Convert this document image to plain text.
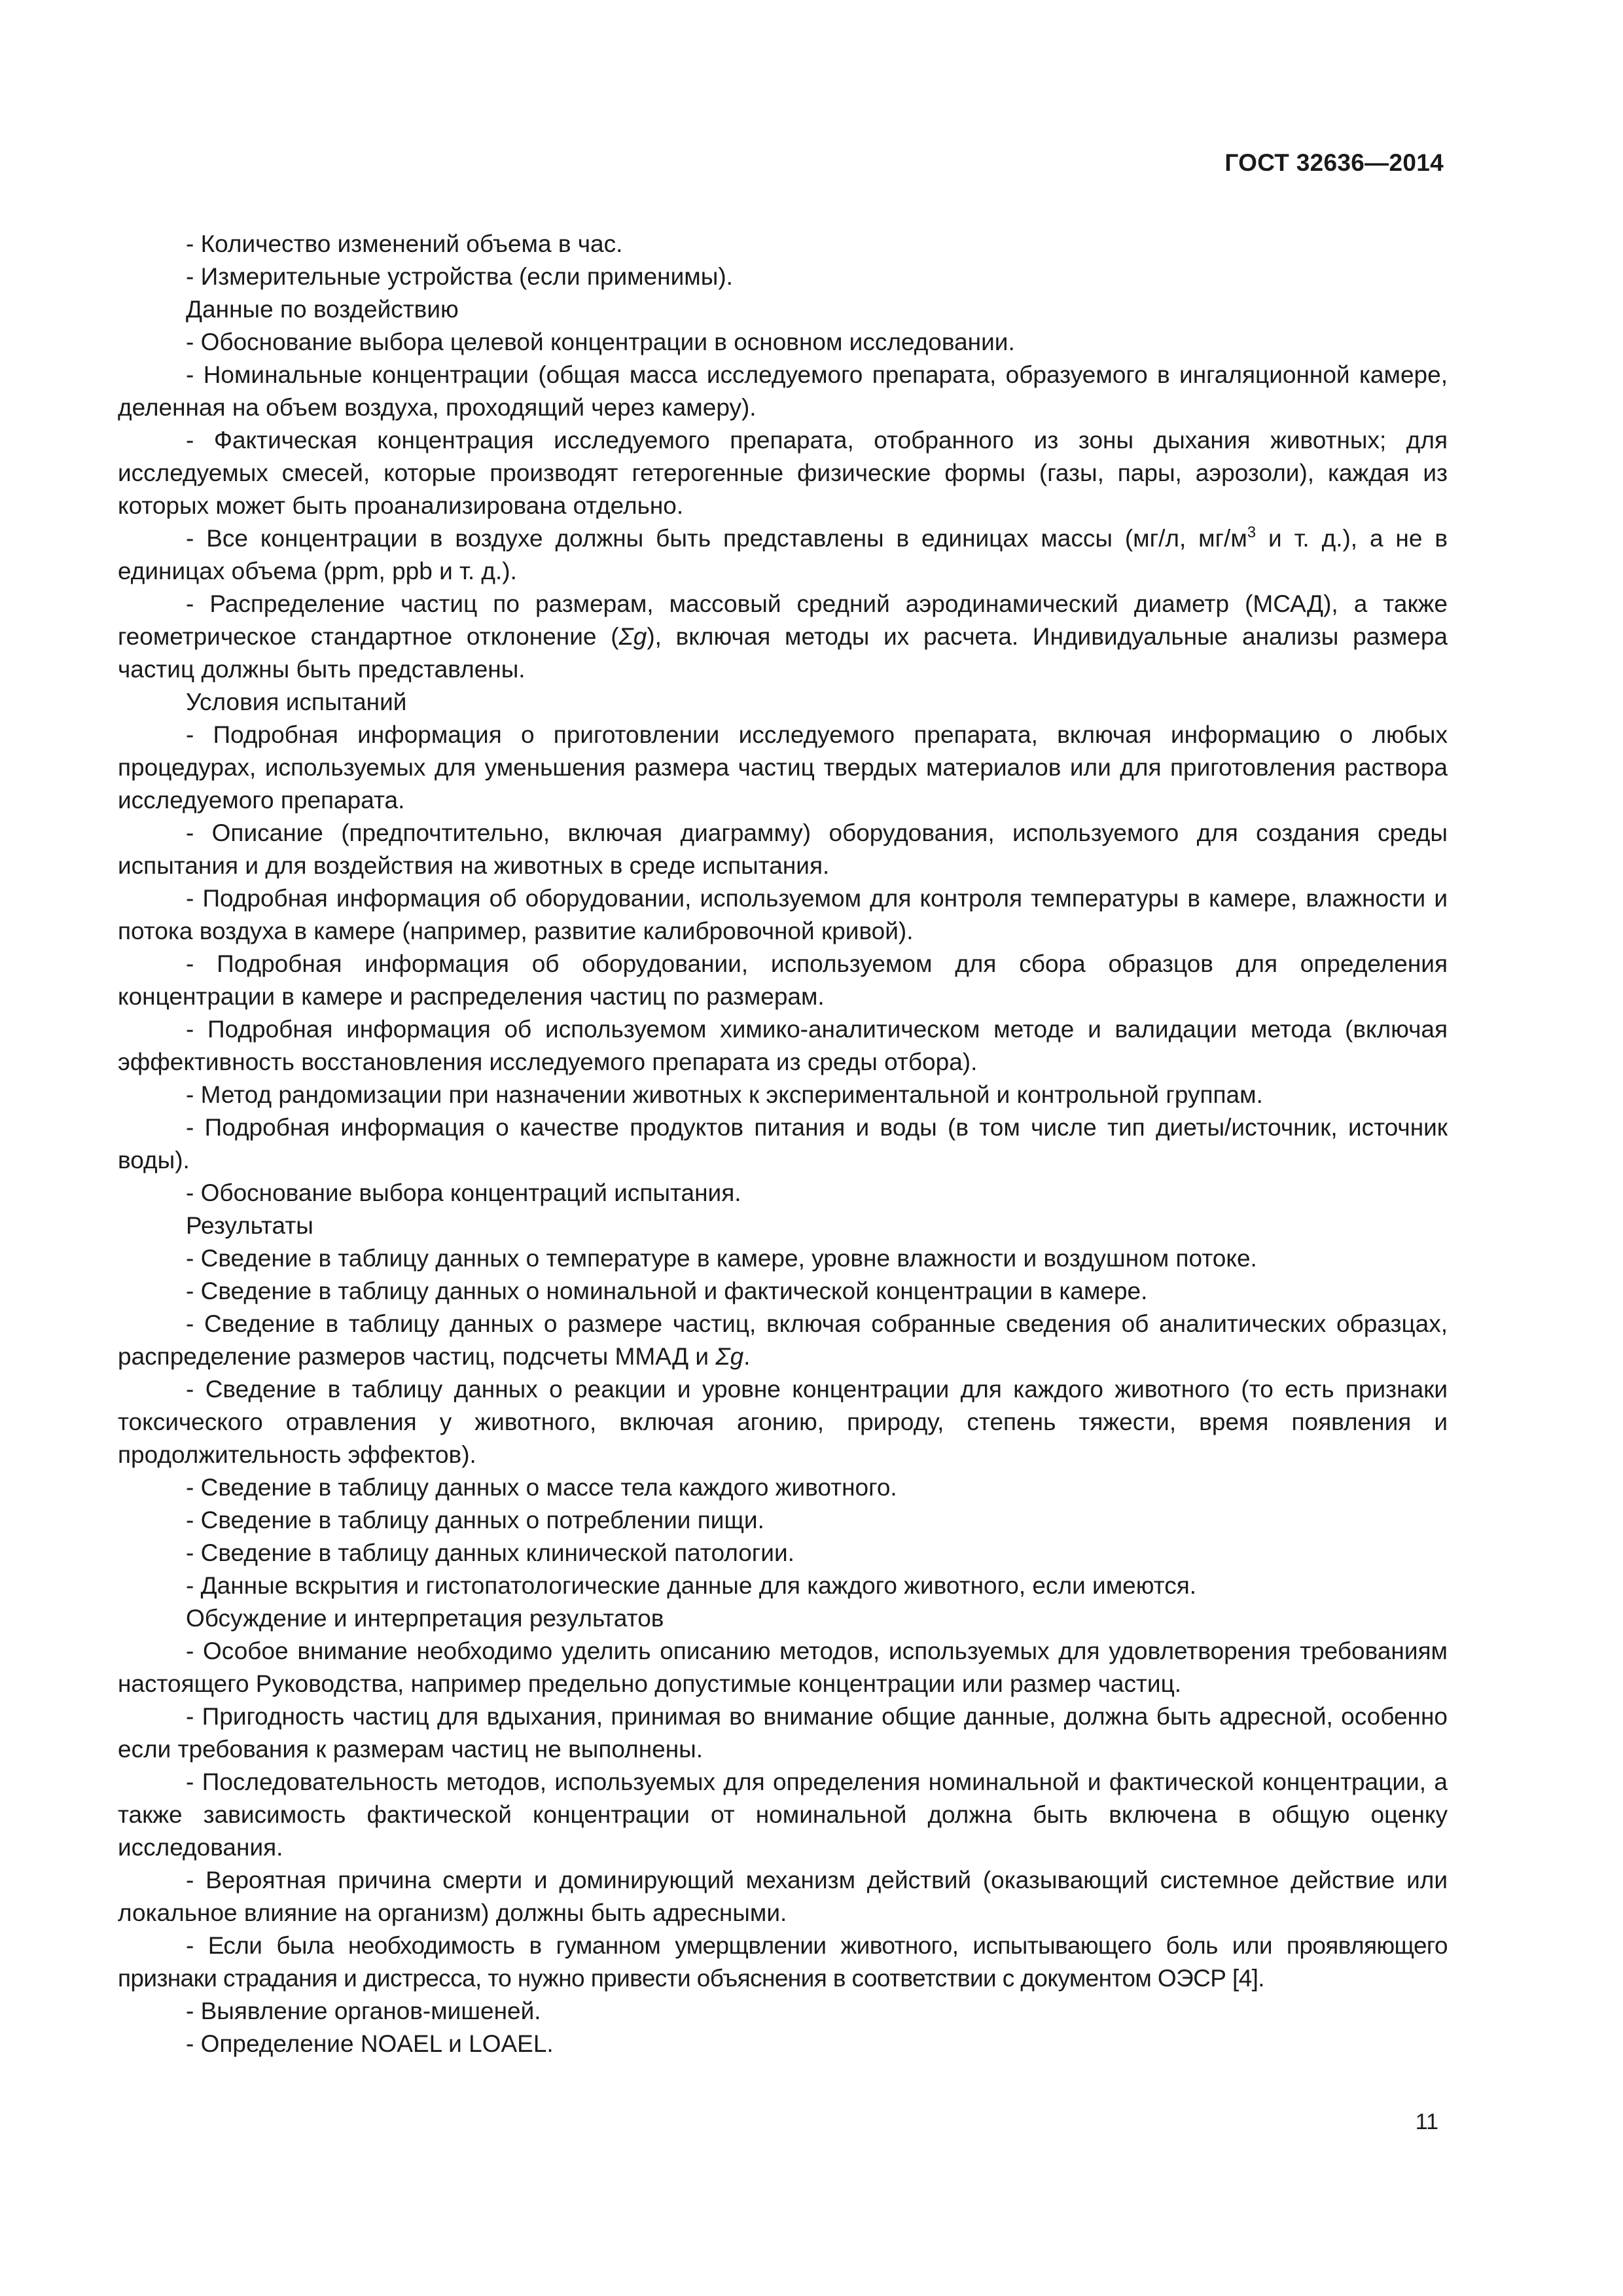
ГОСТ 32636—2014

- Количество изменений объема в час.

- Измерительные устройства (если применимы).

Данные по воздействию

- Обоснование выбора целевой концентрации в основном исследовании.

- Номинальные концентрации (общая масса исследуемого препарата, образуемого в ингаляционной камере, деленная на объем воздуха, проходящий через камеру).

- Фактическая концентрация исследуемого препарата, отобранного из зоны дыхания животных; для исследуемых смесей, которые производят гетерогенные физические формы (газы, пары, аэрозоли), каждая из которых может быть проанализирована отдельно.

- Все концентрации в воздухе должны быть представлены в единицах массы (мг/л, $мг/м^3$ и т. д.), а не в единицах объема (ppm, ppb и т. д.).

- Распределение частиц по размерам, массовый средний аэродинамический диаметр (МСАД), а также геометрическое стандартное отклонение (Σg), включая методы их расчета. Индивидуальные анализы размера частиц должны быть представлены.

Условия испытаний

- Подробная информация о приготовлении исследуемого препарата, включая информацию о любых процедурах, используемых для уменьшения размера частиц твердых материалов или для приготовления раствора исследуемого препарата.

- Описание (предпочтительно, включая диаграмму) оборудования, используемого для создания среды испытания и для воздействия на животных в среде испытания.

- Подробная информация об оборудовании, используемом для контроля температуры в камере, влажности и потока воздуха в камере (например, развитие калибровочной кривой).

- Подробная информация об оборудовании, используемом для сбора образцов для определения концентрации в камере и распределения частиц по размерам.

- Подробная информация об используемом химико-аналитическом методе и валидации метода (включая эффективность восстановления исследуемого препарата из среды отбора).

- Метод рандомизации при назначении животных к экспериментальной и контрольной группам.

- Подробная информация о качестве продуктов питания и воды (в том числе тип диеты/источник, источник воды).

- Обоснование выбора концентраций испытания.

Результаты

- Сведение в таблицу данных о температуре в камере, уровне влажности и воздушном потоке.

- Сведение в таблицу данных о номинальной и фактической концентрации в камере.

- Сведение в таблицу данных о размере частиц, включая собранные сведения об аналитических образцах, распределение размеров частиц, подсчеты ММАД и Σg.

- Сведение в таблицу данных о реакции и уровне концентрации для каждого животного (то есть признаки токсического отравления у животного, включая агонию, природу, степень тяжести, время появления и продолжительность эффектов).

- Сведение в таблицу данных о массе тела каждого животного.

- Сведение в таблицу данных о потреблении пищи.

- Сведение в таблицу данных клинической патологии.

- Данные вскрытия и гистопатологические данные для каждого животного, если имеются.

Обсуждение и интерпретация результатов

- Особое внимание необходимо уделить описанию методов, используемых для удовлетворения требованиям настоящего Руководства, например предельно допустимые концентрации или размер частиц.

- Пригодность частиц для вдыхания, принимая во внимание общие данные, должна быть адресной, особенно если требования к размерам частиц не выполнены.

- Последовательность методов, используемых для определения номинальной и фактической концентрации, а также зависимость фактической концентрации от номинальной должна быть включена в общую оценку исследования.

- Вероятная причина смерти и доминирующий механизм действий (оказывающий системное действие или локальное влияние на организм) должны быть адресными.

- Если была необходимость в гуманном умерщвлении животного, испытывающего боль или проявляющего признаки страдания и дистресса, то нужно привести объяснения в соответствии с документом ОЭСР [4].

- Выявление органов-мишеней.

- Определение NOAEL и LOAEL.

11
